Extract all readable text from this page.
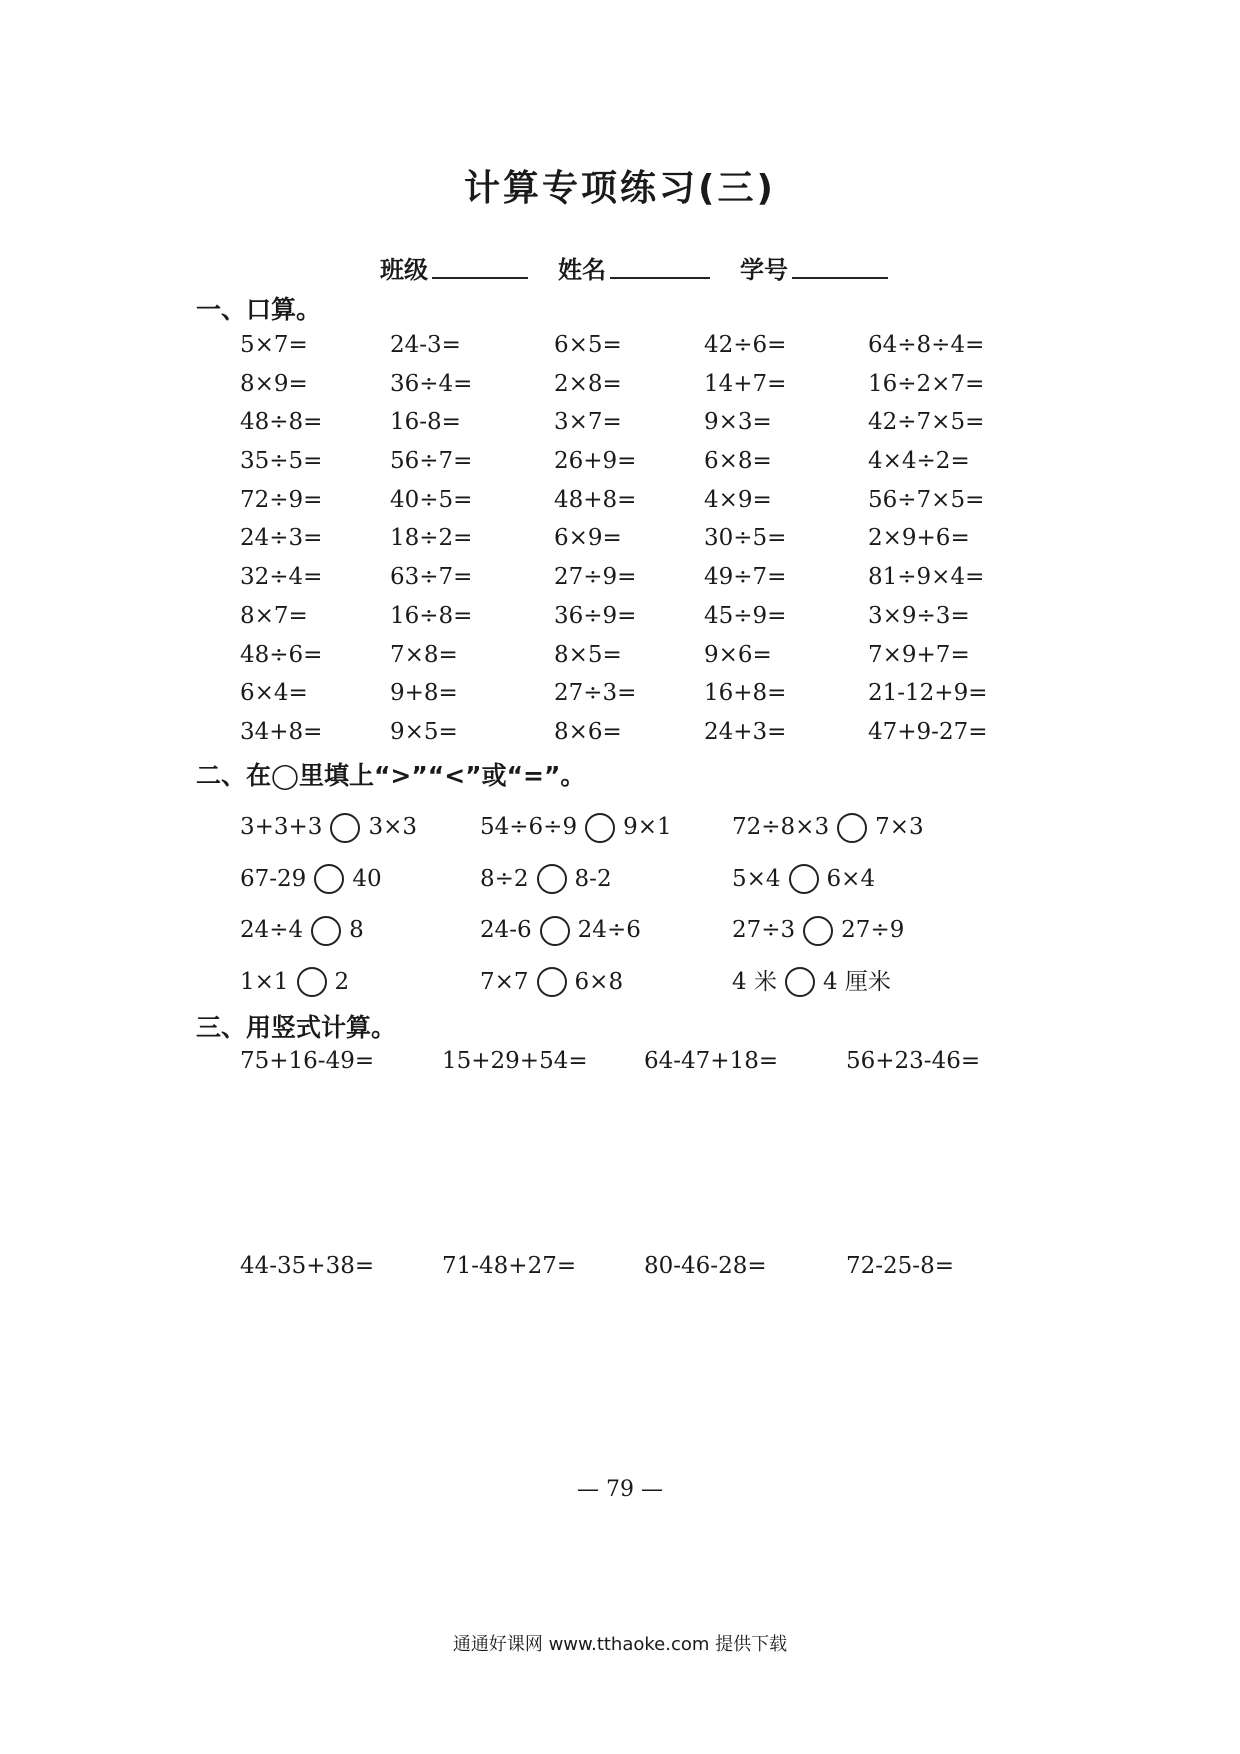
计算专项练习(三)
班级	姓名	学号
一、口算。
5×7=	24-3=	6×5=	42÷6=	64÷8÷4=
8×9=	36÷4=	2×8=	14+7=	16÷2×7=
48÷8=	16-8=	3×7=	9×3=	42÷7×5=
35÷5=	56÷7=	26+9=	6×8=	4×4÷2=
72÷9=	40÷5=	48+8=	4×9=	56÷7×5=
24÷3=	18÷2=	6×9=	30÷5=	2×9+6=
32÷4=	63÷7=	27÷9=	49÷7=	81÷9×4=
8×7=	16÷8=	36÷9=	45÷9=	3×9÷3=
48÷6=	7×8=	8×5=	9×6=	7×9+7=
6×4=	9+8=	27÷3=	16+8=	21-12+9=
34+8=	9×5=	8×6=	24+3=	47+9-27=
二、在◯里填上“>”“<”或“=”。
3+3+3 3×3	54÷6÷9 9×1	72÷8×3 7×3
67-29 40	8÷2 8-2	5×4 6×4
24÷4 8	24-6 24÷6	27÷3 27÷9
1×1 2	7×7 6×8	4 米 4 厘米
三、用竖式计算。
75+16-49=	15+29+54=	64-47+18=	56+23-46=
44-35+38=	71-48+27=	80-46-28=	72-25-8=
— 79 —
通通好课网 www.tthaoke.com 提供下载
